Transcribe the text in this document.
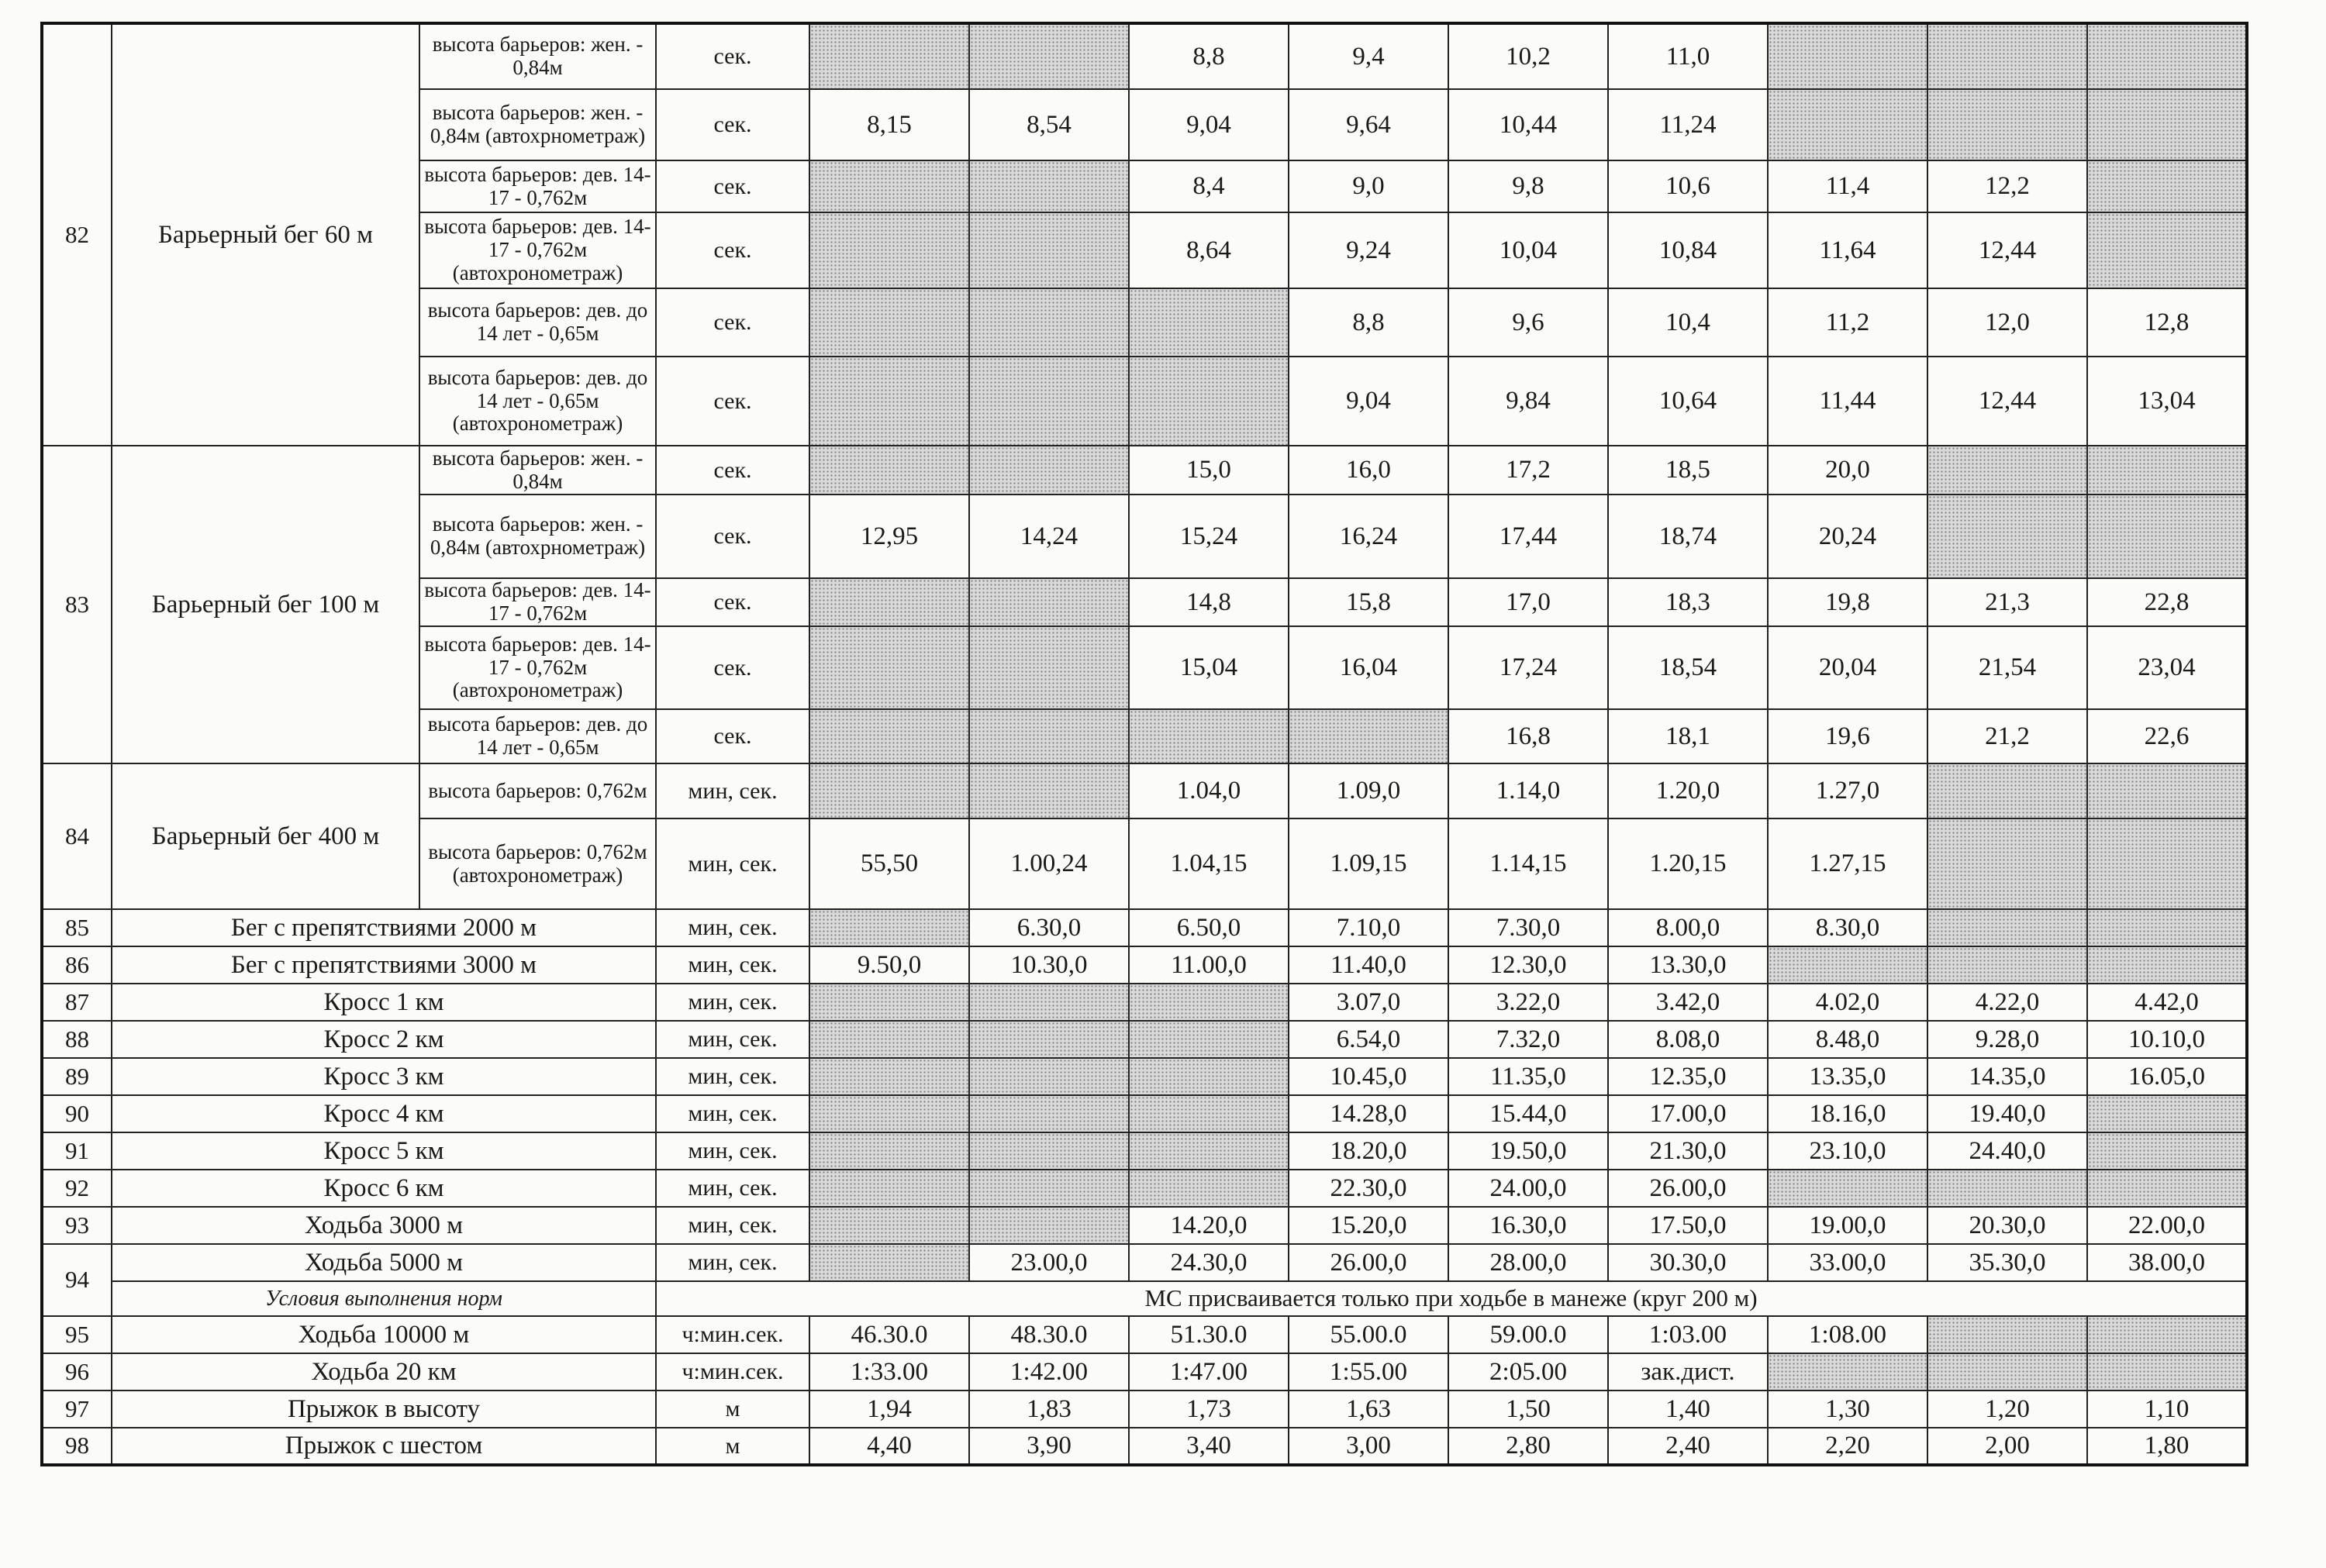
82	Барьерный бег 60 м	высота барьеров: жен. - 0,84м	сек.			8,8	9,4	10,2	11,0			
		высота барьеров: жен. - 0,84м (автохрнометраж)	сек.	8,15	8,54	9,04	9,64	10,44	11,24			
		высота барьеров: дев. 14-17 - 0,762м	сек.			8,4	9,0	9,8	10,6	11,4	12,2	
		высота барьеров: дев. 14-17 - 0,762м (автохронометраж)	сек.			8,64	9,24	10,04	10,84	11,64	12,44	
		высота барьеров: дев. до 14 лет - 0,65м	сек.				8,8	9,6	10,4	11,2	12,0	12,8
		высота барьеров: дев. до 14 лет - 0,65м (автохронометраж)	сек.				9,04	9,84	10,64	11,44	12,44	13,04
83	Барьерный бег 100 м	высота барьеров: жен. - 0,84м	сек.			15,0	16,0	17,2	18,5	20,0		
		высота барьеров: жен. - 0,84м (автохрнометраж)	сек.	12,95	14,24	15,24	16,24	17,44	18,74	20,24		
		высота барьеров: дев. 14-17 - 0,762м	сек.			14,8	15,8	17,0	18,3	19,8	21,3	22,8
		высота барьеров: дев. 14-17 - 0,762м (автохронометраж)	сек.			15,04	16,04	17,24	18,54	20,04	21,54	23,04
		высота барьеров: дев. до 14 лет - 0,65м	сек.					16,8	18,1	19,6	21,2	22,6
84	Барьерный бег 400 м	высота барьеров: 0,762м	мин, сек.			1.04,0	1.09,0	1.14,0	1.20,0	1.27,0		
		высота барьеров: 0,762м (автохронометраж)	мин, сек.	55,50	1.00,24	1.04,15	1.09,15	1.14,15	1.20,15	1.27,15		
85	Бег с препятствиями 2000 м		мин, сек.		6.30,0	6.50,0	7.10,0	7.30,0	8.00,0	8.30,0		
86	Бег с препятствиями 3000 м		мин, сек.	9.50,0	10.30,0	11.00,0	11.40,0	12.30,0	13.30,0			
87	Кросс 1 км		мин, сек.				3.07,0	3.22,0	3.42,0	4.02,0	4.22,0	4.42,0
88	Кросс 2 км		мин, сек.				6.54,0	7.32,0	8.08,0	8.48,0	9.28,0	10.10,0
89	Кросс 3 км		мин, сек.				10.45,0	11.35,0	12.35,0	13.35,0	14.35,0	16.05,0
90	Кросс 4 км		мин, сек.				14.28,0	15.44,0	17.00,0	18.16,0	19.40,0	
91	Кросс 5 км		мин, сек.				18.20,0	19.50,0	21.30,0	23.10,0	24.40,0	
92	Кросс 6 км		мин, сек.				22.30,0	24.00,0	26.00,0			
93	Ходьба 3000 м		мин, сек.			14.20,0	15.20,0	16.30,0	17.50,0	19.00,0	20.30,0	22.00,0
94	Ходьба 5000 м		мин, сек.		23.00,0	24.30,0	26.00,0	28.00,0	30.30,0	33.00,0	35.30,0	38.00,0
	Условия выполнения норм		МС присваивается только при ходьбе в манеже (круг 200 м)									
95	Ходьба 10000 м		ч:мин.сек.	46.30.0	48.30.0	51.30.0	55.00.0	59.00.0	1:03.00	1:08.00		
96	Ходьба 20 км		ч:мин.сек.	1:33.00	1:42.00	1:47.00	1:55.00	2:05.00	зак.дист.			
97	Прыжок в высоту		м	1,94	1,83	1,73	1,63	1,50	1,40	1,30	1,20	1,10
98	Прыжок с шестом		м	4,40	3,90	3,40	3,00	2,80	2,40	2,20	2,00	1,80
